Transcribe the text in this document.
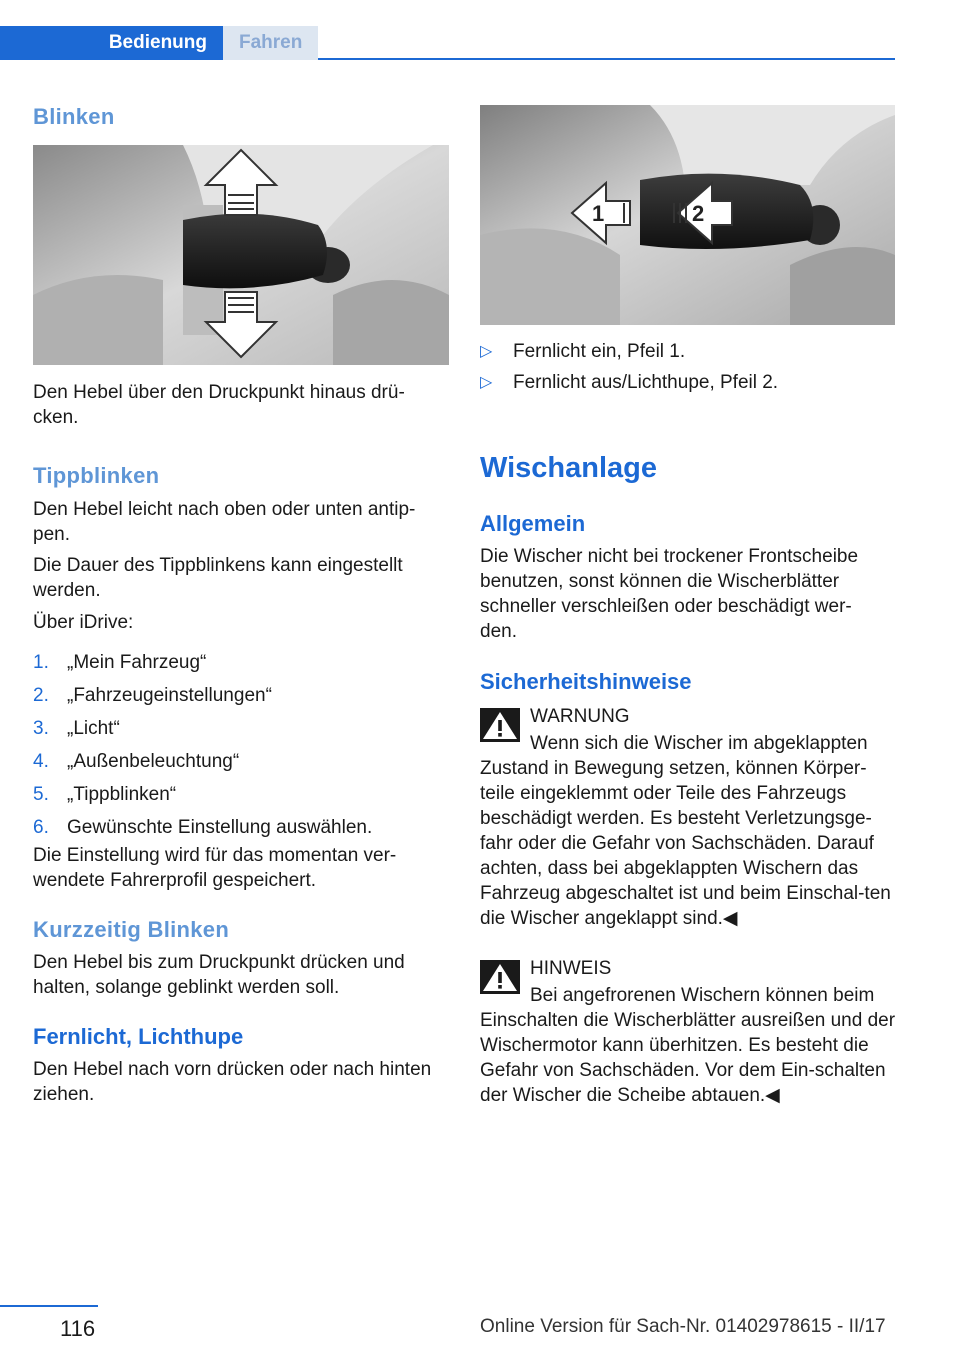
Bedienung	Fahren
Blinken

Den Hebel über den Druckpunkt hinaus drü-
cken.

Tippblinken

Den Hebel leicht nach oben oder unten antip-
pen.

Die Dauer des Tippblinkens kann eingestellt
werden.

Über iDrive:

1. „Mein Fahrzeug“
2. „Fahrzeugeinstellungen“
3. „Licht“
4. „Außenbeleuchtung“
5. „Tippblinken“
6. Gewünschte Einstellung auswählen.

Die Einstellung wird für das momentan ver-
wendete Fahrerprofil gespeichert.

Kurzzeitig Blinken

Den Hebel bis zum Druckpunkt drücken und
halten, solange geblinkt werden soll.

Fernlicht, Lichthupe

Den Hebel nach vorn drücken oder nach hinten
ziehen.

1	2
▷ Fernlicht ein, Pfeil 1.
▷ Fernlicht aus/Lichthupe, Pfeil 2.
Wischanlage
Allgemein

Die Wischer nicht bei trockener Frontscheibe
benutzen, sonst können die Wischerblätter
schneller verschleißen oder beschädigt wer-
den.

Sicherheitshinweise
WARNUNG
Wenn sich die Wischer im abgeklappten Zustand in Bewegung setzen, können Körper-teile eingeklemmt oder Teile des Fahrzeugs beschädigt werden. Es besteht Verletzungsge-fahr oder die Gefahr von Sachschäden. Darauf achten, dass bei abgeklappten Wischern das Fahrzeug abgeschaltet ist und beim Einschal-ten die Wischer angeklappt sind.◀
HINWEIS
Bei angefrorenen Wischern können beim Einschalten die Wischerblätter ausreißen und der Wischermotor kann überhitzen. Es besteht die Gefahr von Sachschäden. Vor dem Ein-schalten der Wischer die Scheibe abtauen.◀
116	Online Version für Sach-Nr. 01402978615 - II/17
